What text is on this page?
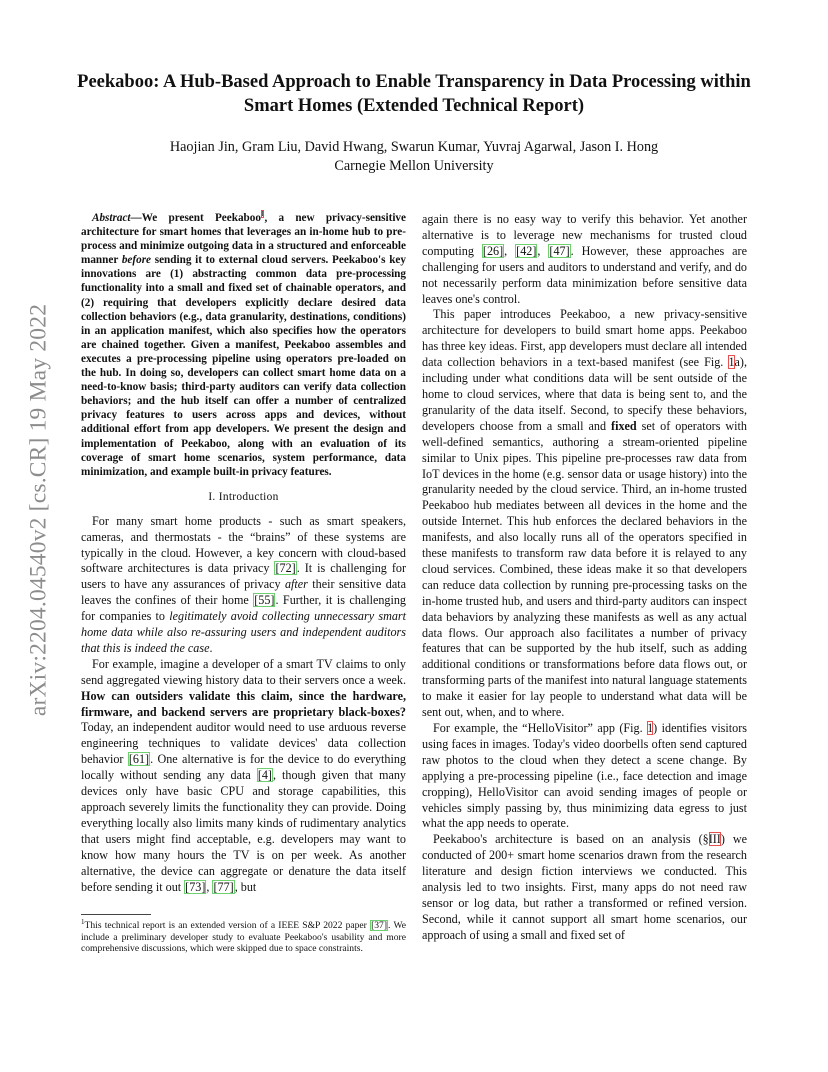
arXiv:2204.04540v2 [cs.CR] 19 May 2022
Peekaboo: A Hub-Based Approach to Enable Transparency in Data Processing within Smart Homes (Extended Technical Report)
Haojian Jin, Gram Liu, David Hwang, Swarun Kumar, Yuvraj Agarwal, Jason I. Hong
Carnegie Mellon University

Abstract—We present Peekaboo$^1$, a new privacy-sensitive architecture for smart homes that leverages an in-home hub to pre-process and minimize outgoing data in a structured and enforceable manner before sending it to external cloud servers. Peekaboo's key innovations are (1) abstracting common data pre-processing functionality into a small and fixed set of chainable operators, and (2) requiring that developers explicitly declare desired data collection behaviors (e.g., data granularity, destinations, conditions) in an application manifest, which also specifies how the operators are chained together. Given a manifest, Peekaboo assembles and executes a pre-processing pipeline using operators pre-loaded on the hub. In doing so, developers can collect smart home data on a need-to-know basis; third-party auditors can verify data collection behaviors; and the hub itself can offer a number of centralized privacy features to users across apps and devices, without additional effort from app developers. We present the design and implementation of Peekaboo, along with an evaluation of its coverage of smart home scenarios, system performance, data minimization, and example built-in privacy features.

I. Introduction

For many smart home products - such as smart speakers, cameras, and thermostats - the “brains” of these systems are typically in the cloud. However, a key concern with cloud-based software architectures is data privacy [72]. It is challenging for users to have any assurances of privacy after their sensitive data leaves the confines of their home [55]. Further, it is challenging for companies to legitimately avoid collecting unnecessary smart home data while also re-assuring users and independent auditors that this is indeed the case.

For example, imagine a developer of a smart TV claims to only send aggregated viewing history data to their servers once a week. How can outsiders validate this claim, since the hardware, firmware, and backend servers are proprietary black-boxes? Today, an independent auditor would need to use arduous reverse engineering techniques to validate devices' data collection behavior [61]. One alternative is for the device to do everything locally without sending any data [4], though given that many devices only have basic CPU and storage capabilities, this approach severely limits the functionality they can provide. Doing everything locally also limits many kinds of rudimentary analytics that users might find acceptable, e.g. developers may want to know how many hours the TV is on per week. As another alternative, the device can aggregate or denature the data itself before sending it out [73], [77], but

$^1$This technical report is an extended version of a IEEE S&P 2022 paper [37]. We include a preliminary developer study to evaluate Peekaboo's usability and more comprehensive discussions, which were skipped due to space constraints.

again there is no easy way to verify this behavior. Yet another alternative is to leverage new mechanisms for trusted cloud computing [26], [42], [47]. However, these approaches are challenging for users and auditors to understand and verify, and do not necessarily perform data minimization before sensitive data leaves one's control.

This paper introduces Peekaboo, a new privacy-sensitive architecture for developers to build smart home apps. Peekaboo has three key ideas. First, app developers must declare all intended data collection behaviors in a text-based manifest (see Fig. 1a), including under what conditions data will be sent outside of the home to cloud services, where that data is being sent to, and the granularity of the data itself. Second, to specify these behaviors, developers choose from a small and fixed set of operators with well-defined semantics, authoring a stream-oriented pipeline similar to Unix pipes. This pipeline pre-processes raw data from IoT devices in the home (e.g. sensor data or usage history) into the granularity needed by the cloud service. Third, an in-home trusted Peekaboo hub mediates between all devices in the home and the outside Internet. This hub enforces the declared behaviors in the manifests, and also locally runs all of the operators specified in these manifests to transform raw data before it is relayed to any cloud services. Combined, these ideas make it so that developers can reduce data collection by running pre-processing tasks on the in-home trusted hub, and users and third-party auditors can inspect data behaviors by analyzing these manifests as well as any actual data flows. Our approach also facilitates a number of privacy features that can be supported by the hub itself, such as adding additional conditions or transformations before data flows out, or transforming parts of the manifest into natural language statements to make it easier for lay people to understand what data will be sent out, when, and to where.

For example, the “HelloVisitor” app (Fig. 1) identifies visitors using faces in images. Today's video doorbells often send captured raw photos to the cloud when they detect a scene change. By applying a pre-processing pipeline (i.e., face detection and image cropping), HelloVisitor can avoid sending images of people or vehicles simply passing by, thus minimizing data egress to just what the app needs to operate.

Peekaboo's architecture is based on an analysis (§III) we conducted of 200+ smart home scenarios drawn from the research literature and design fiction interviews we conducted. This analysis led to two insights. First, many apps do not need raw sensor or log data, but rather a transformed or refined version. Second, while it cannot support all smart home scenarios, our approach of using a small and fixed set of
